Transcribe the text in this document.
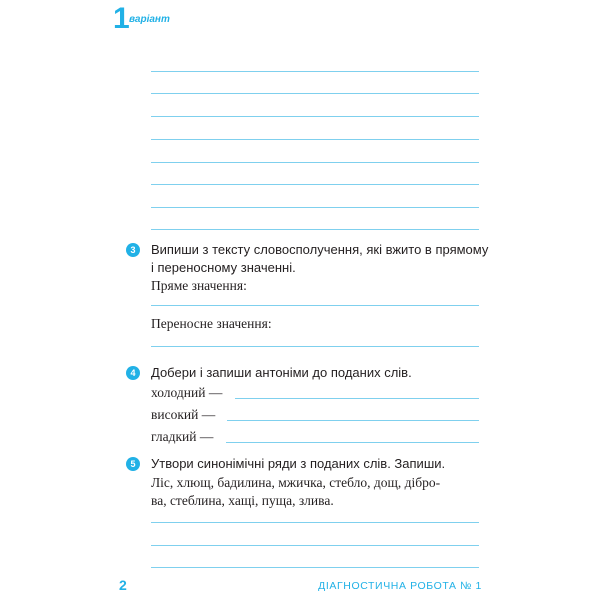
1 варіант
3	Випиши з тексту словосполучення, які вжито в прямому
і переносному значенні.
Пряме значення:
Переносне значення:
4	Добери і запиши антоніми до поданих слів.
холодний —
високий —
гладкий —
5	Утвори синонімічні ряди з поданих слів. Запиши.
Ліс, хлющ, бадилина, мжичка, стебло, дощ, дібро-
ва, стеблина, хащі, пуща, злива.
2	ДІАГНОСТИЧНА РОБОТА № 1
